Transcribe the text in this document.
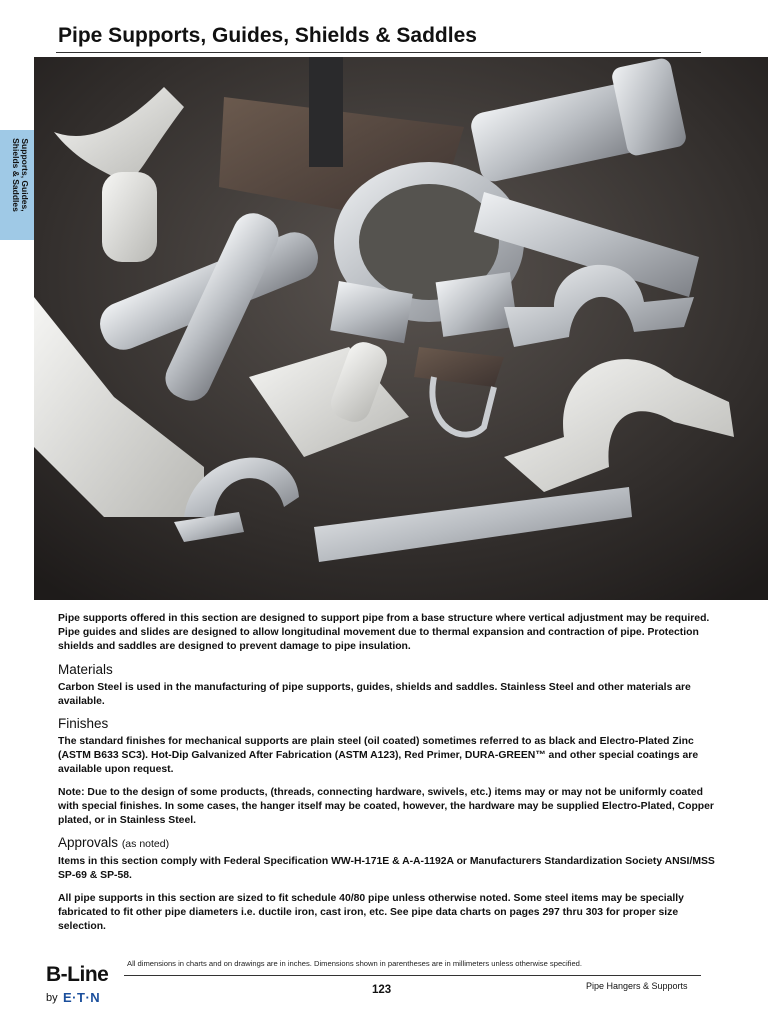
Pipe Supports, Guides, Shields & Saddles
Supports, Guides,
Shields & Saddles

Pipe supports offered in this section are designed to support pipe from a base structure where vertical adjustment may be required. Pipe guides and slides are designed to allow longitudinal movement due to thermal expansion and contraction of pipe. Protection shields and saddles are designed to prevent damage to pipe insulation.

Materials

Carbon Steel is used in the manufacturing of pipe supports, guides, shields and saddles. Stainless Steel and other materials are available.

Finishes

The standard finishes for mechanical supports are plain steel (oil coated) sometimes referred to as black and Electro-Plated Zinc (ASTM B633 SC3). Hot-Dip Galvanized After Fabrication (ASTM A123), Red Primer, DURA-GREEN™ and other special coatings are available upon request.

Note: Due to the design of some products, (threads, connecting hardware, swivels, etc.) items may or may not be uniformly coated with special finishes. In some cases, the hanger itself may be coated, however, the hardware may be supplied Electro-Plated, Copper plated, or in Stainless Steel.

Approvals (as noted)

Items in this section comply with Federal Specification WW-H-171E & A-A-1192A or Manufacturers Standardization Society ANSI/MSS SP-69 & SP-58.

All pipe supports in this section are sized to fit schedule 40/80 pipe unless otherwise noted. Some steel items may be specially fabricated to fit other pipe diameters i.e. ductile iron, cast iron, etc. See pipe data charts on pages 297 thru 303 for proper size selection.

All dimensions in charts and on drawings are in inches. Dimensions shown in parentheses are in millimeters unless otherwise specified.
B-Line
by E·T·N	123	Pipe Hangers & Supports
